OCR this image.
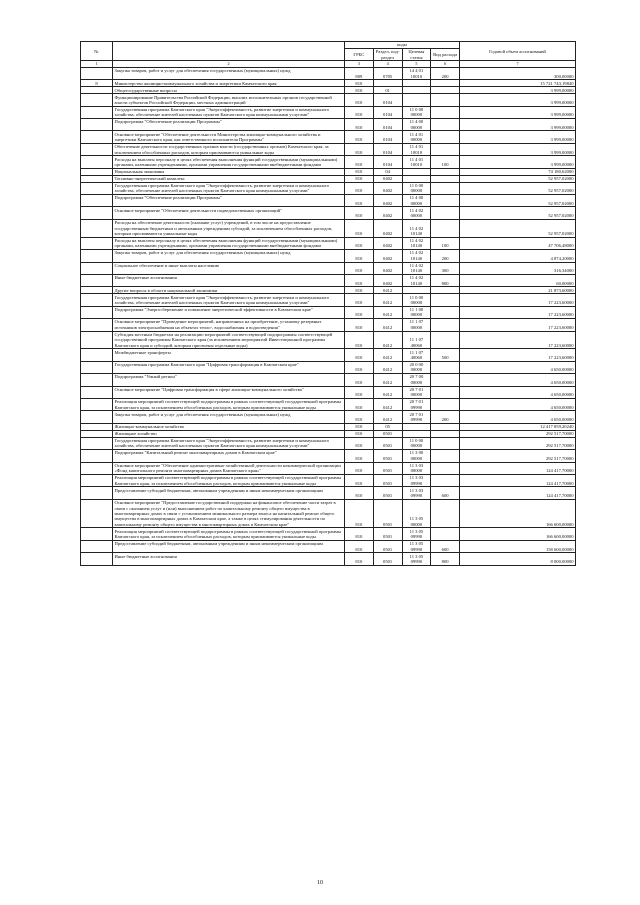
№		коды				Годовой объем ассигнований
		ГРБС	Раздел, под-раздел	Целевая статья	Вид расхода	
1	2	3	4	5	6	7
	Закупка товаров, работ и услуг для обеспечения государственных (муниципальных) нужд	809	0705	14 4 01 10010	200	300,00000
8	Министерство жилищно-коммунального хозяйства и энергетики Камчатского края	810				15 721 743,19840
	Общегосударственные вопросы	810	01			3 999,00000
	Функционирование Правительства Российской Федерации, высших исполнительных органов государственной власти субъектов Российской Федерации, местных администраций	810	0104			3 999,00000
	Государственная программа Камчатского края "Энергоэффективность, развитие энергетики и коммунального хозяйства, обеспечение жителей населенных пунктов Камчатского края коммунальными услугами"	810	0104	11 0 00 00000		3 999,00000
	Подпрограмма "Обеспечение реализации Программы"	810	0104	11 4 00 00000		3 999,00000
	Основное мероприятие "Обеспечение деятельности Министерства жилищно-коммунального хозяйства и энергетики Камчатского края, как ответственного исполнителя Программы"	810	0104	11 4 01 00000		3 999,00000
	Обеспечение деятельности государственных органов власти (государственных органов) Камчатского края, за исключением обособленных расходов, которым присваиваются уникальные коды	810	0104	11 4 01 10010		3 999,00000
	Расходы на выплаты персоналу в целях обеспечения выполнения функций государственными (муниципальными) органами, казенными учреждениями, органами управления государственными внебюджетными фондами	810	0104	11 4 01 10010	100	3 999,00000
	Национальная экономика	810	04			74 180,62000
	Топливно-энергетический комплекс	810	0402			52 957,02000
	Государственная программа Камчатского края "Энергоэффективность, развитие энергетики и коммунального хозяйства, обеспечение жителей населенных пунктов Камчатского края коммунальными услугами"	810	0402	11 0 00 00000		52 957,02000
	Подпрограмма "Обеспечение реализации Программы"	810	0402	11 4 00 00000		52 957,02000
	Основное мероприятие "Обеспечение деятельности подведомственных организаций"	810	0402	11 4 02 00000		52 957,02000
	Расходы на обеспечение деятельности (оказание услуг) учреждений, в том числе на предоставление государственным бюджетным и автономным учреждениям субсидий, за исключением обособленных расходов, которым присваиваются уникальные коды	810	0402	11 4 02 10140		52 957,02000
	Расходы на выплаты персоналу в целях обеспечения выполнения функций государственными (муниципальными) органами, казенными учреждениями, органами управления государственными внебюджетными фондами	810	0402	11 4 02 10140	100	47 706,48000
	Закупка товаров, работ и услуг для обеспечения государственных (муниципальных) нужд	810	0402	11 4 02 10140	200	4 874,20000
	Социальное обеспечение и иные выплаты населению	810	0402	11 4 02 10140	300	316,34000
	Иные бюджетные ассигнования	810	0402	11 4 02 10140	800	60,00000
	Другие вопросы в области национальной экономики	810	0412			21 873,60000
	Государственная программа Камчатского края "Энергоэффективность, развитие энергетики и коммунального хозяйства, обеспечение жителей населенных пунктов Камчатского края коммунальными услугами"	810	0412	11 0 00 00000		17 223,60000
	Подпрограмма "Энергосбережение и повышение энергетической эффективности в Камчатском крае"	810	0412	11 1 00 00000		17 223,60000
	Основное мероприятие "Проведение мероприятий, направленных на приобретение, установку резервных источников электроснабжения на объектах тепло-, водоснабжения и водоотведения"	810	0412	11 1 07 00000		17 223,60000
	Субсидия местным бюджетам на реализацию мероприятий соответствующей подпрограммы соответствующей государственной программы Камчатского края (за исключением мероприятий Инвестиционной программы Камчатского края и субсидий, которым присвоены отдельные коды)	810	0412	11 1 07 40060		17 223,60000
	Межбюджетные трансферты	810	0412	11 1 07 40060	500	17 223,60000
	Государственная программа Камчатского края "Цифровая трансформация в Камчатском крае"	810	0412	20 0 00 00000		4 650,00000
	Подпрограмма "Умный регион"	810	0412	20 7 00 00000		4 650,00000
	Основное мероприятие "Цифровая трансформация в сфере жилищно-коммунального хозяйства"	810	0412	20 7 01 00000		4 650,00000
	Реализация мероприятий соответствующей подпрограммы в рамках соответствующей государственной программы Камчатского края, за исключением обособленных расходов, которым присваиваются уникальные коды	810	0412	20 7 01 09990		4 650,00000
	Закупка товаров, работ и услуг для обеспечения государственных (муниципальных) нужд	810	0412	20 7 01 09990	200	4 650,00000
	Жилищно-коммунальное хозяйство	810	05			12 417 859,20240
	Жилищное хозяйство	810	0501			292 517,70000
	Государственная программа Камчатского края "Энергоэффективность, развитие энергетики и коммунального хозяйства, обеспечение жителей населенных пунктов Камчатского края коммунальными услугами"	810	0501	11 0 00 00000		292 517,70000
	Подпрограмма "Капитальный ремонт многоквартирных домов в Камчатском крае"	810	0501	11 3 00 00000		292 517,70000
	Основное мероприятие "Обеспечение административно-хозяйственной деятельности некоммерческой организации «Фонд капитального ремонта многоквартирных домов Камчатского края»"	810	0501	11 3 03 00000		124 417,70000
	Реализация мероприятий соответствующей подпрограммы в рамках соответствующей государственной программы Камчатского края, за исключением обособленных расходов, которым присваиваются уникальные коды	810	0501	11 3 03 09990		124 417,70000
	Предоставление субсидий бюджетным, автономным учреждениям и иным некоммерческим организациям	810	0501	11 3 03 09990	600	124 417,70000
	Основное мероприятие "Предоставление государственной поддержки на финансовое обеспечение части затрат в связи с оказанием услуг и (или) выполнением работ по капитальному ремонту общего имущества в многоквартирных домах в связи с установлением минимального размера взноса на капитальный ремонт общего имущества в многоквартирных домах в Камчатском крае, а также в целях стимулирования деятельности по капитальному ремонту общего имущества в многоквартирных домах в Камчатском крае"	810	0501	11 3 05 00000		166 600,00000
	Реализация мероприятий соответствующей подпрограммы в рамках соответствующей государственной программы Камчатского края, за исключением обособленных расходов, которым присваиваются уникальные коды	810	0501	11 3 05 09990		166 600,00000
	Предоставление субсидий бюджетным, автономным учреждениям и иным некоммерческим организациям	810	0501	11 3 05 09990	600	158 600,00000
	Иные бюджетные ассигнования	810	0501	11 3 05 09990	800	8 000,00000
10
